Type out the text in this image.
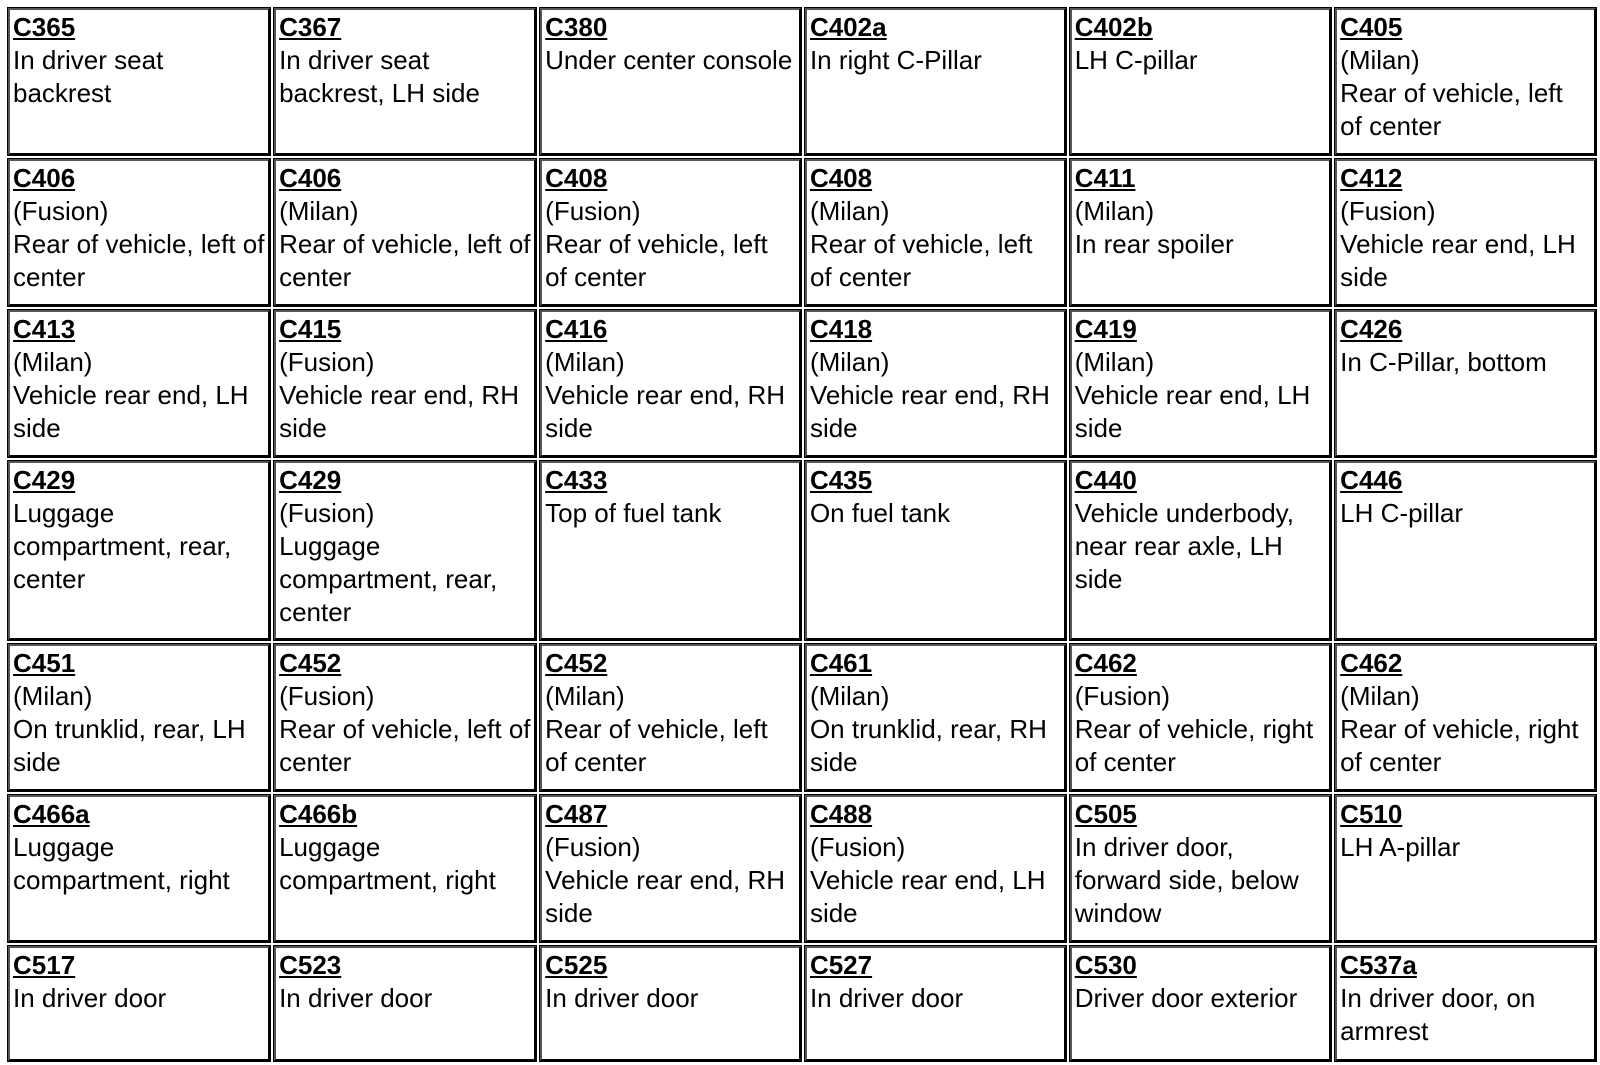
C365
In driver seat backrest	C367
In driver seat backrest, LH side	C380
Under center console	C402a
In right C-Pillar	C402b
LH C-pillar	C405
(Milan)
Rear of vehicle, left of center

C406
(Fusion)
Rear of vehicle, left of center	C406
(Milan)
Rear of vehicle, left of center	C408
(Fusion)
Rear of vehicle, left of center	C408
(Milan)
Rear of vehicle, left of center	C411
(Milan)
In rear spoiler	C412
(Fusion)
Vehicle rear end, LH side

C413
(Milan)
Vehicle rear end, LH side	C415
(Fusion)
Vehicle rear end, RH side	C416
(Milan)
Vehicle rear end, RH side	C418
(Milan)
Vehicle rear end, RH side	C419
(Milan)
Vehicle rear end, LH side	C426
In C-Pillar, bottom

C429
Luggage compartment, rear, center	C429
(Fusion)
Luggage compartment, rear, center	C433
Top of fuel tank	C435
On fuel tank	C440
Vehicle underbody, near rear axle, LH side	C446
LH C-pillar

C451
(Milan)
On trunklid, rear, LH side	C452
(Fusion)
Rear of vehicle, left of center	C452
(Milan)
Rear of vehicle, left of center	C461
(Milan)
On trunklid, rear, RH side	C462
(Fusion)
Rear of vehicle, right of center	C462
(Milan)
Rear of vehicle, right of center

C466a
Luggage compartment, right	C466b
Luggage compartment, right	C487
(Fusion)
Vehicle rear end, RH side	C488
(Fusion)
Vehicle rear end, LH side	C505
In driver door, forward side, below window	C510
LH A-pillar

C517
In driver door	C523
In driver door	C525
In driver door	C527
In driver door	C530
Driver door exterior	C537a
In driver door, on armrest
